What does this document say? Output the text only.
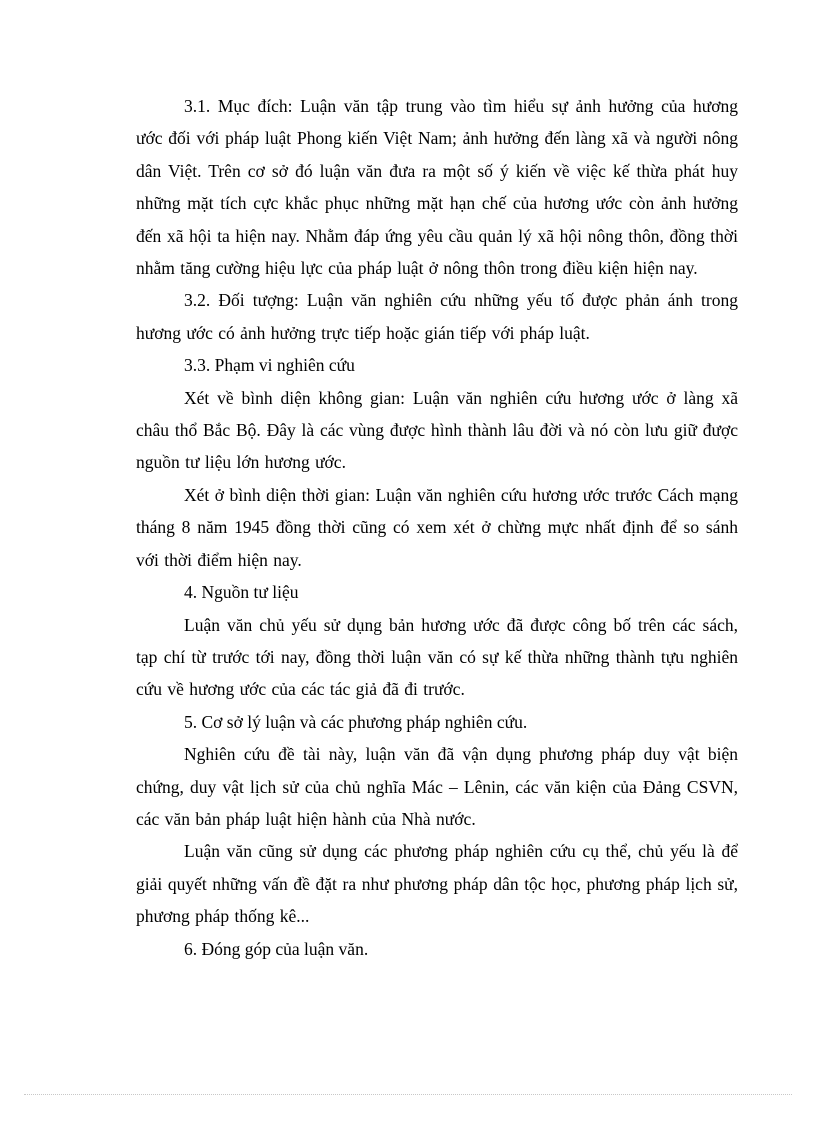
3.1. Mục đích: Luận văn tập trung vào tìm hiểu sự ảnh hưởng của hương ước đối với pháp luật Phong kiến Việt Nam; ảnh hưởng đến làng xã và người nông dân Việt. Trên cơ sở đó luận văn đưa ra một số ý kiến về việc kế thừa phát huy những mặt tích cực khắc phục những mặt hạn chế của hương ước còn ảnh hưởng đến xã hội ta hiện nay. Nhằm đáp ứng yêu cầu quản lý xã hội nông thôn, đồng thời nhằm tăng cường hiệu lực của pháp luật ở nông thôn trong điều kiện hiện nay.

3.2. Đối tượng: Luận văn nghiên cứu những yếu tố được phản ánh trong hương ước có ảnh hưởng trực tiếp hoặc gián tiếp với pháp luật.

3.3. Phạm vi nghiên cứu

Xét về bình diện không gian: Luận văn nghiên cứu hương ước ở làng xã châu thổ Bắc Bộ. Đây là các vùng được hình thành lâu đời và nó còn lưu giữ được nguồn tư liệu lớn hương ước.

Xét ở bình diện thời gian: Luận văn nghiên cứu hương ước trước Cách mạng tháng 8 năm 1945 đồng thời cũng có xem xét ở chừng mực nhất định để so sánh với thời điểm hiện nay.

4. Nguồn tư liệu

Luận văn chủ yếu sử dụng bản hương ước đã được công bố trên các sách, tạp chí từ trước tới nay, đồng thời luận văn có sự kế thừa những thành tựu nghiên cứu về hương ước của các tác giả đã đi trước.

5. Cơ sở lý luận và các phương pháp nghiên cứu.

Nghiên cứu đề tài này, luận văn đã vận dụng phương pháp duy vật biện chứng, duy vật lịch sử của chủ nghĩa Mác – Lênin, các văn kiện của Đảng CSVN, các văn bản pháp luật hiện hành của Nhà nước.

Luận văn cũng sử dụng các phương pháp nghiên cứu cụ thể, chủ yếu là để giải quyết những vấn đề đặt ra như phương pháp dân tộc học, phương pháp lịch sử, phương pháp thống kê...

6. Đóng góp của luận văn.
